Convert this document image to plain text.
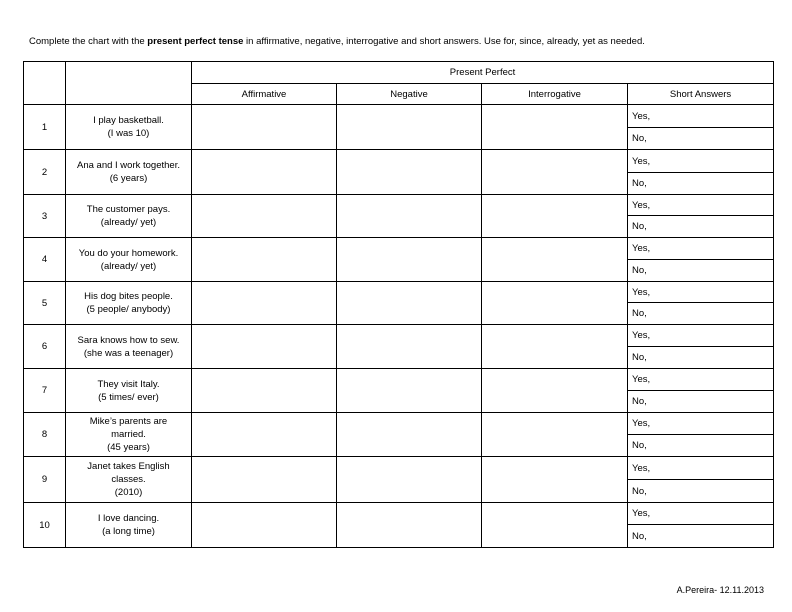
Complete the chart with the present perfect tense in affirmative, negative, interrogative and short answers. Use for, since, already, yet as needed.
		Present Perfect			
		Affirmative	Negative	Interrogative	Short Answers
1	I play basketball.
(I was 10)				Yes,
					No,
2	Ana and I work together.
(6 years)				Yes,
					No,
3	The customer pays.
(already/ yet)				Yes,
					No,
4	You do your homework.
(already/ yet)				Yes,
					No,
5	His dog bites people.
(5 people/ anybody)				Yes,
					No,
6	Sara knows how to sew.
(she was a teenager)				Yes,
					No,
7	They visit Italy.
(5 times/ ever)				Yes,
					No,
8	Mike’s parents are
married.
(45 years)				Yes,
					No,
9	Janet takes English
classes.
(2010)				Yes,
					No,
10	I love dancing.
(a long time)				Yes,
					No,
A.Pereira- 12.11.2013
